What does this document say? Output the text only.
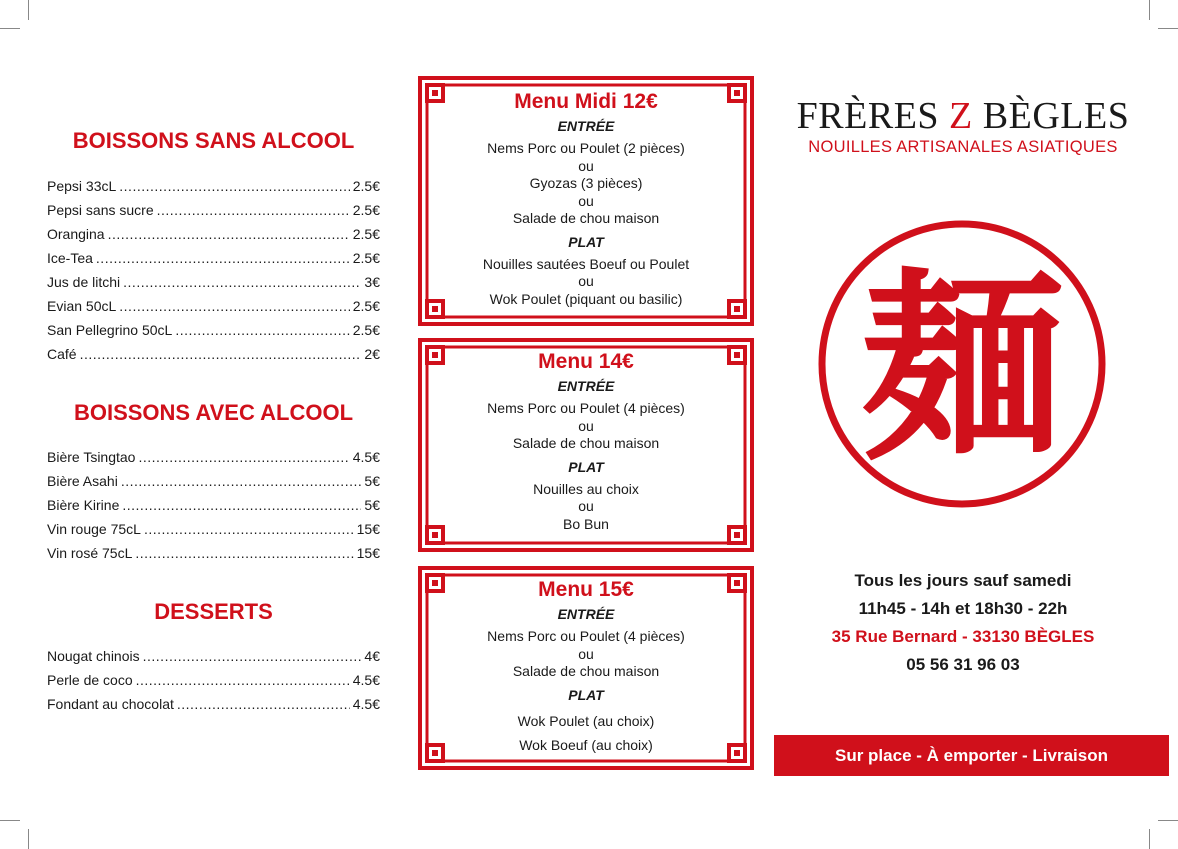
BOISSONS SANS ALCOOL
Pepsi 33cL .....	2.5€
Pepsi sans sucre .....	2.5€
Orangina .....	2.5€
Ice-Tea .....	2.5€
Jus de litchi .....	3€
Evian 50cL .....	2.5€
San Pellegrino 50cL .....	2.5€
Café .....	2€
BOISSONS AVEC ALCOOL
Bière Tsingtao .....	4.5€
Bière Asahi .....	5€
Bière Kirine .....	5€
Vin rouge 75cL .....	15€
Vin rosé 75cL .....	15€
DESSERTS
Nougat chinois .....	4€
Perle de coco .....	4.5€
Fondant au chocolat .....	4.5€
Menu Midi 12€
ENTRÉE
Nems Porc ou Poulet (2 pièces)
ou
Gyozas (3 pièces)
ou
Salade de chou maison
PLAT
Nouilles sautées Boeuf ou Poulet
ou
Wok Poulet (piquant ou basilic)
Menu 14€
ENTRÉE
Nems Porc ou Poulet (4 pièces)
ou
Salade de chou maison
PLAT
Nouilles au choix
ou
Bo Bun
Menu 15€
ENTRÉE
Nems Porc ou Poulet (4 pièces)
ou
Salade de chou maison
PLAT
Wok Poulet (au choix)
Wok Boeuf (au choix)
FRÈRES Z BÈGLES
NOUILLES ARTISANALES ASIATIQUES
麺
Tous les jours sauf samedi
11h45 - 14h et 18h30 - 22h
35 Rue Bernard - 33130 BÈGLES
05 56 31 96 03
Sur place - À emporter - Livraison
